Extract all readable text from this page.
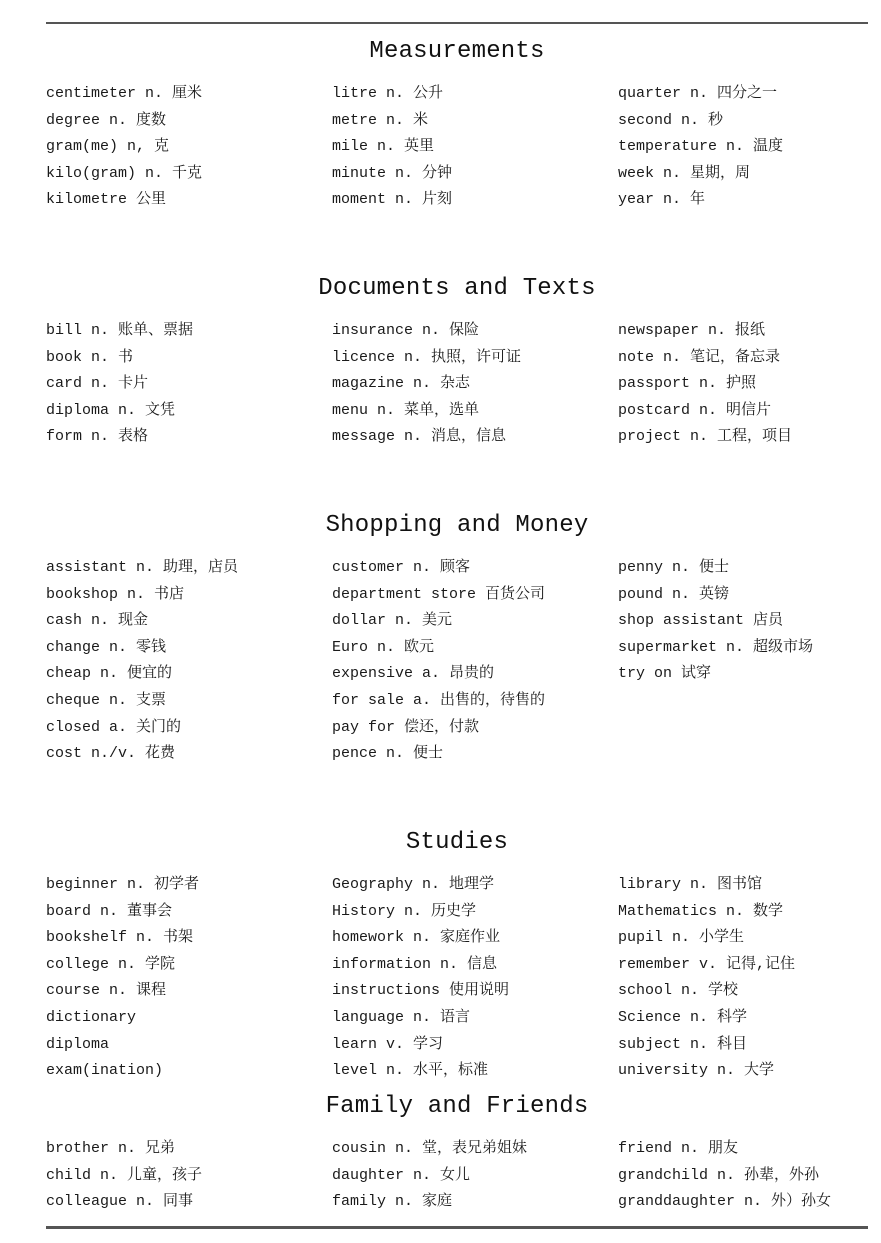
Measurements
centimeter n. 厘米
degree n. 度数
gram(me) n, 克
kilo(gram) n. 千克
kilometre 公里
litre n. 公升
metre n. 米
mile n. 英里
minute n. 分钟
moment n. 片刻
quarter n. 四分之一
second n. 秒
temperature n. 温度
week n. 星期，周
year n. 年
Documents and Texts
bill n. 账单、票据
book n. 书
card n. 卡片
diploma n. 文凭
form n. 表格
insurance n. 保险
licence n. 执照，许可证
magazine n. 杂志
menu n. 菜单，选单
message n. 消息，信息
newspaper n. 报纸
note n. 笔记，备忘录
passport n. 护照
postcard n. 明信片
project n. 工程，项目
Shopping and Money
assistant n. 助理，店员
bookshop n. 书店
cash n. 现金
change n. 零钱
cheap n. 便宜的
cheque n. 支票
closed a. 关门的
cost n./v. 花费
customer n. 顾客
department store 百货公司
dollar n. 美元
Euro n. 欧元
expensive a. 昂贵的
for sale a. 出售的，待售的
pay for 偿还，付款
pence n. 便士
penny n. 便士
pound n. 英镑
shop assistant 店员
supermarket n. 超级市场
try on 试穿
Studies
beginner n. 初学者
board n. 董事会
bookshelf n. 书架
college n. 学院
course n. 课程
dictionary
diploma
exam(ination)
Geography n. 地理学
History n. 历史学
homework n. 家庭作业
information n. 信息
instructions 使用说明
language n. 语言
learn v. 学习
level n. 水平，标准
library n. 图书馆
Mathematics n. 数学
pupil n. 小学生
remember v. 记得,记住
school n. 学校
Science n. 科学
subject n. 科目
university n. 大学
Family and Friends
brother n. 兄弟
child n. 儿童，孩子
colleague n. 同事
cousin n. 堂，表兄弟姐妹
daughter n. 女儿
family n. 家庭
friend n. 朋友
grandchild n. 孙辈，外孙
granddaughter n. 外）孙女
